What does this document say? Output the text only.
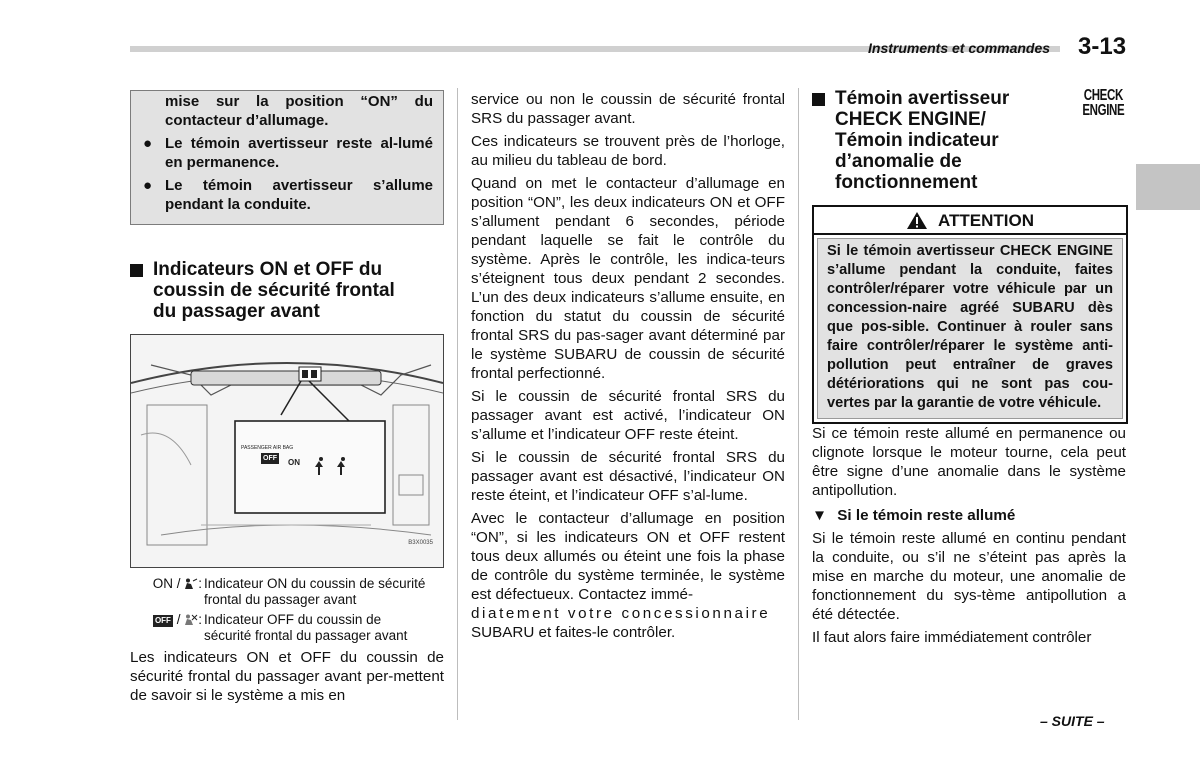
Instruments et commandes 3-13

mise sur la position “ON” du contacteur d’allumage.

● Le témoin avertisseur reste al-lumé en permanence.
● Le témoin avertisseur s’allume pendant la conduite.
Indicateurs ON et OFF du
coussin de sécurité frontal
du passager avant
PASSENGER AIR BAG
OFF ON
B3X0035
ON / : Indicateur ON du coussin de sécurité
frontal du passager avant
OFF / : Indicateur OFF du coussin de
sécurité frontal du passager avant

Les indicateurs ON et OFF du coussin de sécurité frontal du passager avant per-mettent de savoir si le système a mis en

service ou non le coussin de sécurité frontal SRS du passager avant.

Ces indicateurs se trouvent près de l’horloge, au milieu du tableau de bord.

Quand on met le contacteur d’allumage en position “ON”, les deux indicateurs ON et OFF s’allument pendant 6 secondes, période pendant laquelle se fait le contrôle du système. Après le contrôle, les indica-teurs s’éteignent tous deux pendant 2 secondes. L’un des deux indicateurs s’allume ensuite, en fonction du statut du coussin de sécurité frontal SRS du pas-sager avant déterminé par le système SUBARU de coussin de sécurité frontal perfectionné.

Si le coussin de sécurité frontal SRS du passager avant est activé, l’indicateur ON s’allume et l’indicateur OFF reste éteint.

Si le coussin de sécurité frontal SRS du passager avant est désactivé, l’indicateur ON reste éteint, et l’indicateur OFF s’al-lume.

Avec le contacteur d’allumage en position “ON”, si les indicateurs ON et OFF restent tous deux allumés ou éteint une fois la phase de contrôle du système terminée, le système est défectueux. Contactez immé-

diatement votre concessionnaire

SUBARU et faites-le contrôler.

Témoin avertisseur
CHECK ENGINE/
Témoin indicateur
d’anomalie de
fonctionnement
CHECK
ENGINE
ATTENTION
Si le témoin avertisseur CHECK ENGINE s’allume pendant la conduite, faites contrôler/réparer votre véhicule par un concession-naire agréé SUBARU dès que pos-sible. Continuer à rouler sans faire contrôler/réparer le système anti-pollution peut entraîner de graves détériorations qui ne sont pas cou-vertes par la garantie de votre véhicule.

Si ce témoin reste allumé en permanence ou clignote lorsque le moteur tourne, cela peut être signe d’une anomalie dans le système antipollution.

▼ Si le témoin reste allumé

Si le témoin reste allumé en continu pendant la conduite, ou s’il ne s’éteint pas après la mise en marche du moteur, une anomalie de fonctionnement du sys-tème antipollution a été détectée.

Il faut alors faire immédiatement contrôler

– SUITE –
